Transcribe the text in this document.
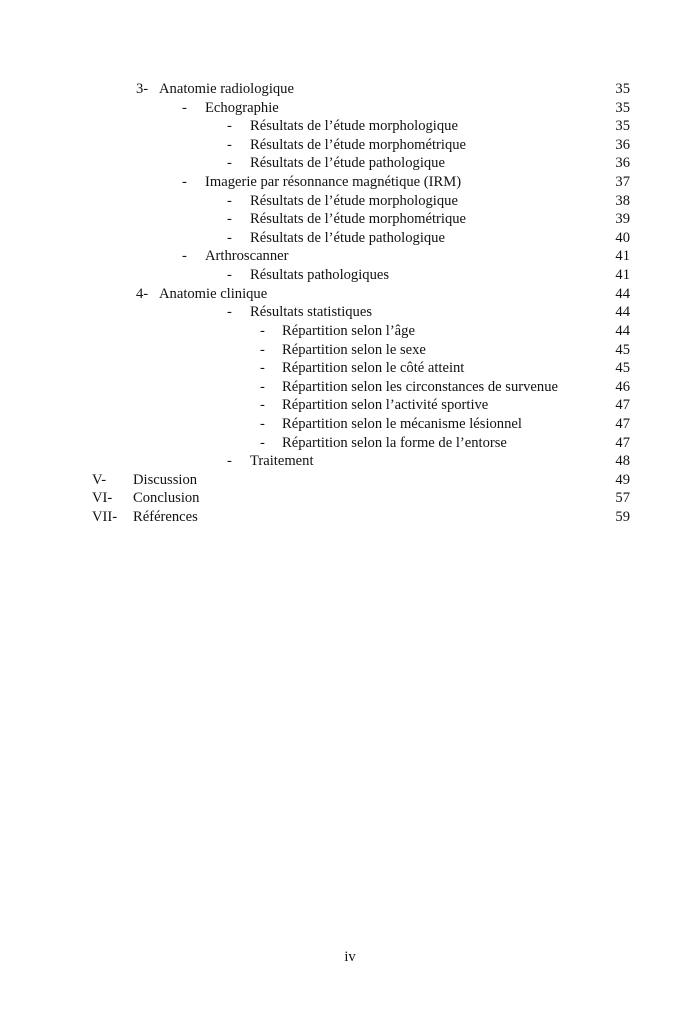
3- Anatomie radiologique	35
- Echographie	35
- Résultats de l’étude morphologique	35
- Résultats de l’étude morphométrique	36
- Résultats de l’étude pathologique	36
- Imagerie par résonnance magnétique (IRM)	37
- Résultats de l’étude morphologique	38
- Résultats de l’étude morphométrique	39
- Résultats de l’étude pathologique	40
- Arthroscanner	41
- Résultats pathologiques	41
4- Anatomie clinique	44
- Résultats statistiques	44
- Répartition selon l’âge	44
- Répartition selon le sexe	45
- Répartition selon le côté atteint	45
- Répartition selon les circonstances de survenue	46
- Répartition selon l’activité sportive	47
- Répartition selon le mécanisme lésionnel	47
- Répartition selon la forme de l’entorse	47
- Traitement	48
V- Discussion	49
VI- Conclusion	57
VII- Références	59
iv
